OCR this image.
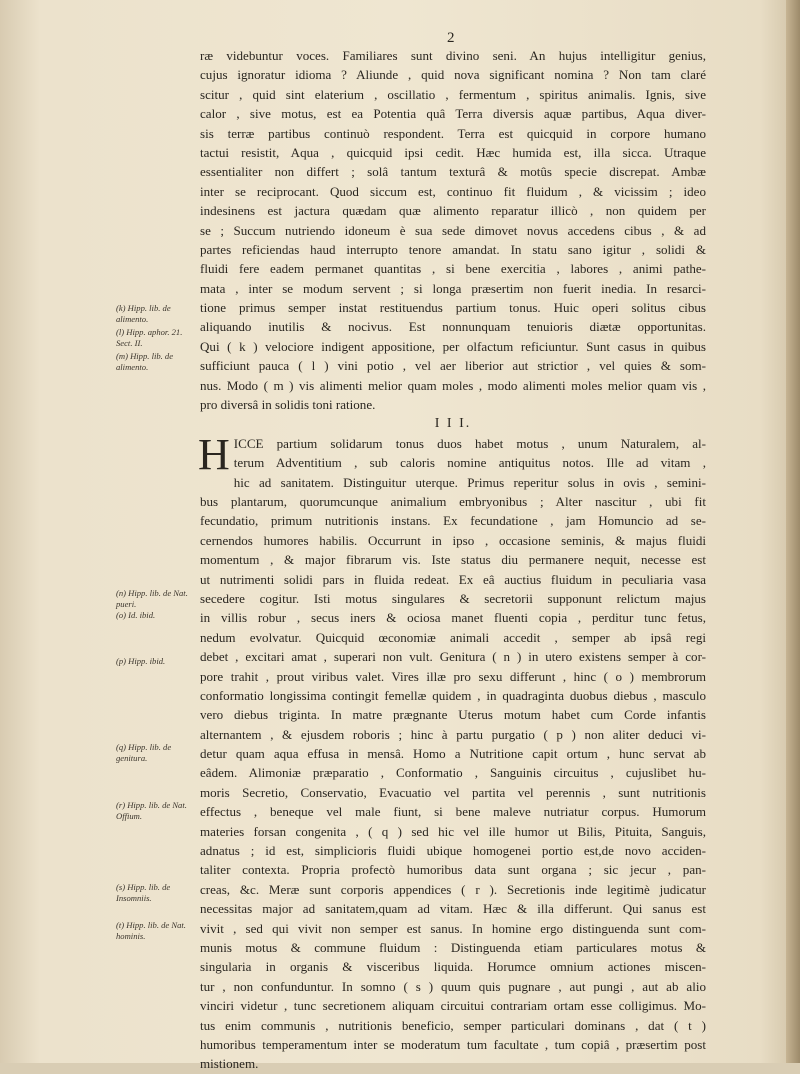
2
(k) Hipp. lib. de alimento.
(l) Hipp. aphor. 21. Sect. II.
(m) Hipp. lib. de alimento.
(n) Hipp. lib. de Nat. pueri.
(o) Id. ibid.
(p) Hipp. ibid.
(q) Hipp. lib. de genitura.
(r) Hipp. lib. de Nat. Offium.
(s) Hipp. lib. de Insomniis.
(t) Hipp. lib. de Nat. hominis.
ræ videbuntur voces. Familiares sunt divino seni. An hujus intelligitur genius,
cujus ignoratur idioma ? Aliunde , quid nova significant nomina ? Non tam claré
scitur , quid sint elaterium , oscillatio , fermentum , spiritus animalis. Ignis, sive
calor , sive motus, est ea Potentia quâ Terra diversis aquæ partibus, Aqua diver-
sis terræ partibus continuò respondent. Terra est quicquid in corpore humano
tactui resistit, Aqua , quicquid ipsi cedit. Hæc humida est, illa sicca. Utraque
essentialiter non differt ; solâ tantum texturâ & motûs specie discrepat. Ambæ
inter se reciprocant. Quod siccum est, continuo fit fluidum , & vicissim ; ideo
indesinens est jactura quædam quæ alimento reparatur illicò , non quidem per
se ; Succum nutriendo idoneum è sua sede dimovet novus accedens cibus , & ad
partes reficiendas haud interrupto tenore amandat. In statu sano igitur , solidi &
fluidi fere eadem permanet quantitas , si bene exercitia , labores , animi pathe-
mata , inter se modum servent ; si longa præsertim non fuerit inedia. In resarci-
tione primus semper instat restituendus partium tonus. Huic operi solitus cibus
aliquando inutilis & nocivus. Est nonnunquam tenuioris diætæ opportunitas.
Qui ( k ) velociore indigent appositione, per olfactum reficiuntur. Sunt casus in quibus
sufficiunt pauca ( l ) vini potio , vel aer liberior aut strictior , vel quies & som-
nus. Modo ( m ) vis alimenti melior quam moles , modo alimenti moles melior quam vis ,
pro diversâ in solidis toni ratione.
I I I.
H ICCE partium solidarum tonus duos habet motus , unum Naturalem, al-
terum Adventitium , sub caloris nomine antiquitus notos. Ille ad vitam ,
hic ad sanitatem. Distinguitur uterque. Primus reperitur solus in ovis , semini-
bus plantarum, quorumcunque animalium embryonibus ; Alter nascitur , ubi fit
fecundatio, primum nutritionis instans. Ex fecundatione , jam Homuncio ad se-
cernendos humores habilis. Occurrunt in ipso , occasione seminis, & majus fluidi
momentum , & major fibrarum vis. Iste status diu permanere nequit, necesse est
ut nutrimenti solidi pars in fluida redeat. Ex eâ auctius fluidum in peculiaria vasa
secedere cogitur. Isti motus singulares & secretorii supponunt relictum majus
in villis robur , secus iners & ociosa manet fluenti copia , perditur tunc fetus,
nedum evolvatur. Quicquid œconomiæ animali accedit , semper ab ipsâ regi
debet , excitari amat , superari non vult. Genitura ( n ) in utero existens semper à cor-
pore trahit , prout viribus valet. Vires illæ pro sexu differunt , hinc ( o ) membrorum
conformatio longissima contingit femellæ quidem , in quadraginta duobus diebus , masculo
vero diebus triginta. In matre prægnante Uterus motum habet cum Corde infantis
alternantem , & ejusdem roboris ; hinc à partu purgatio ( p ) non aliter deduci vi-
detur quam aqua effusa in mensâ. Homo a Nutritione capit ortum , hunc servat ab
eâdem. Alimoniæ præparatio , Conformatio , Sanguinis circuitus , cujuslibet hu-
moris Secretio, Conservatio, Evacuatio vel partita vel perennis , sunt nutritionis
effectus , beneque vel male fiunt, si bene maleve nutriatur corpus. Humorum
materies forsan congenita , ( q ) sed hic vel ille humor ut Bilis, Pituita, Sanguis,
adnatus ; id est, simplicioris fluidi ubique homogenei portio est,de novo acciden-
taliter contexta. Propria profectò humoribus data sunt organa ; sic jecur , pan-
creas, &c. Meræ sunt corporis appendices ( r ). Secretionis inde legitimè judicatur
necessitas major ad sanitatem,quam ad vitam. Hæc & illa differunt. Qui sanus est
vivit , sed qui vivit non semper est sanus. In homine ergo distinguenda sunt com-
munis motus & commune fluidum : Distinguenda etiam particulares motus &
singularia in organis & visceribus liquida. Horumce omnium actiones miscen-
tur , non confunduntur. In somno ( s ) quum quis pugnare , aut pungi , aut ab alio
vinciri videtur , tunc secretionem aliquam circuitui contrariam ortam esse colligimus. Mo-
tus enim communis , nutritionis beneficio, semper particulari dominans , dat ( t )
humoribus temperamentum inter se moderatum tum facultate , tum copiâ , præsertim post
mistionem.
